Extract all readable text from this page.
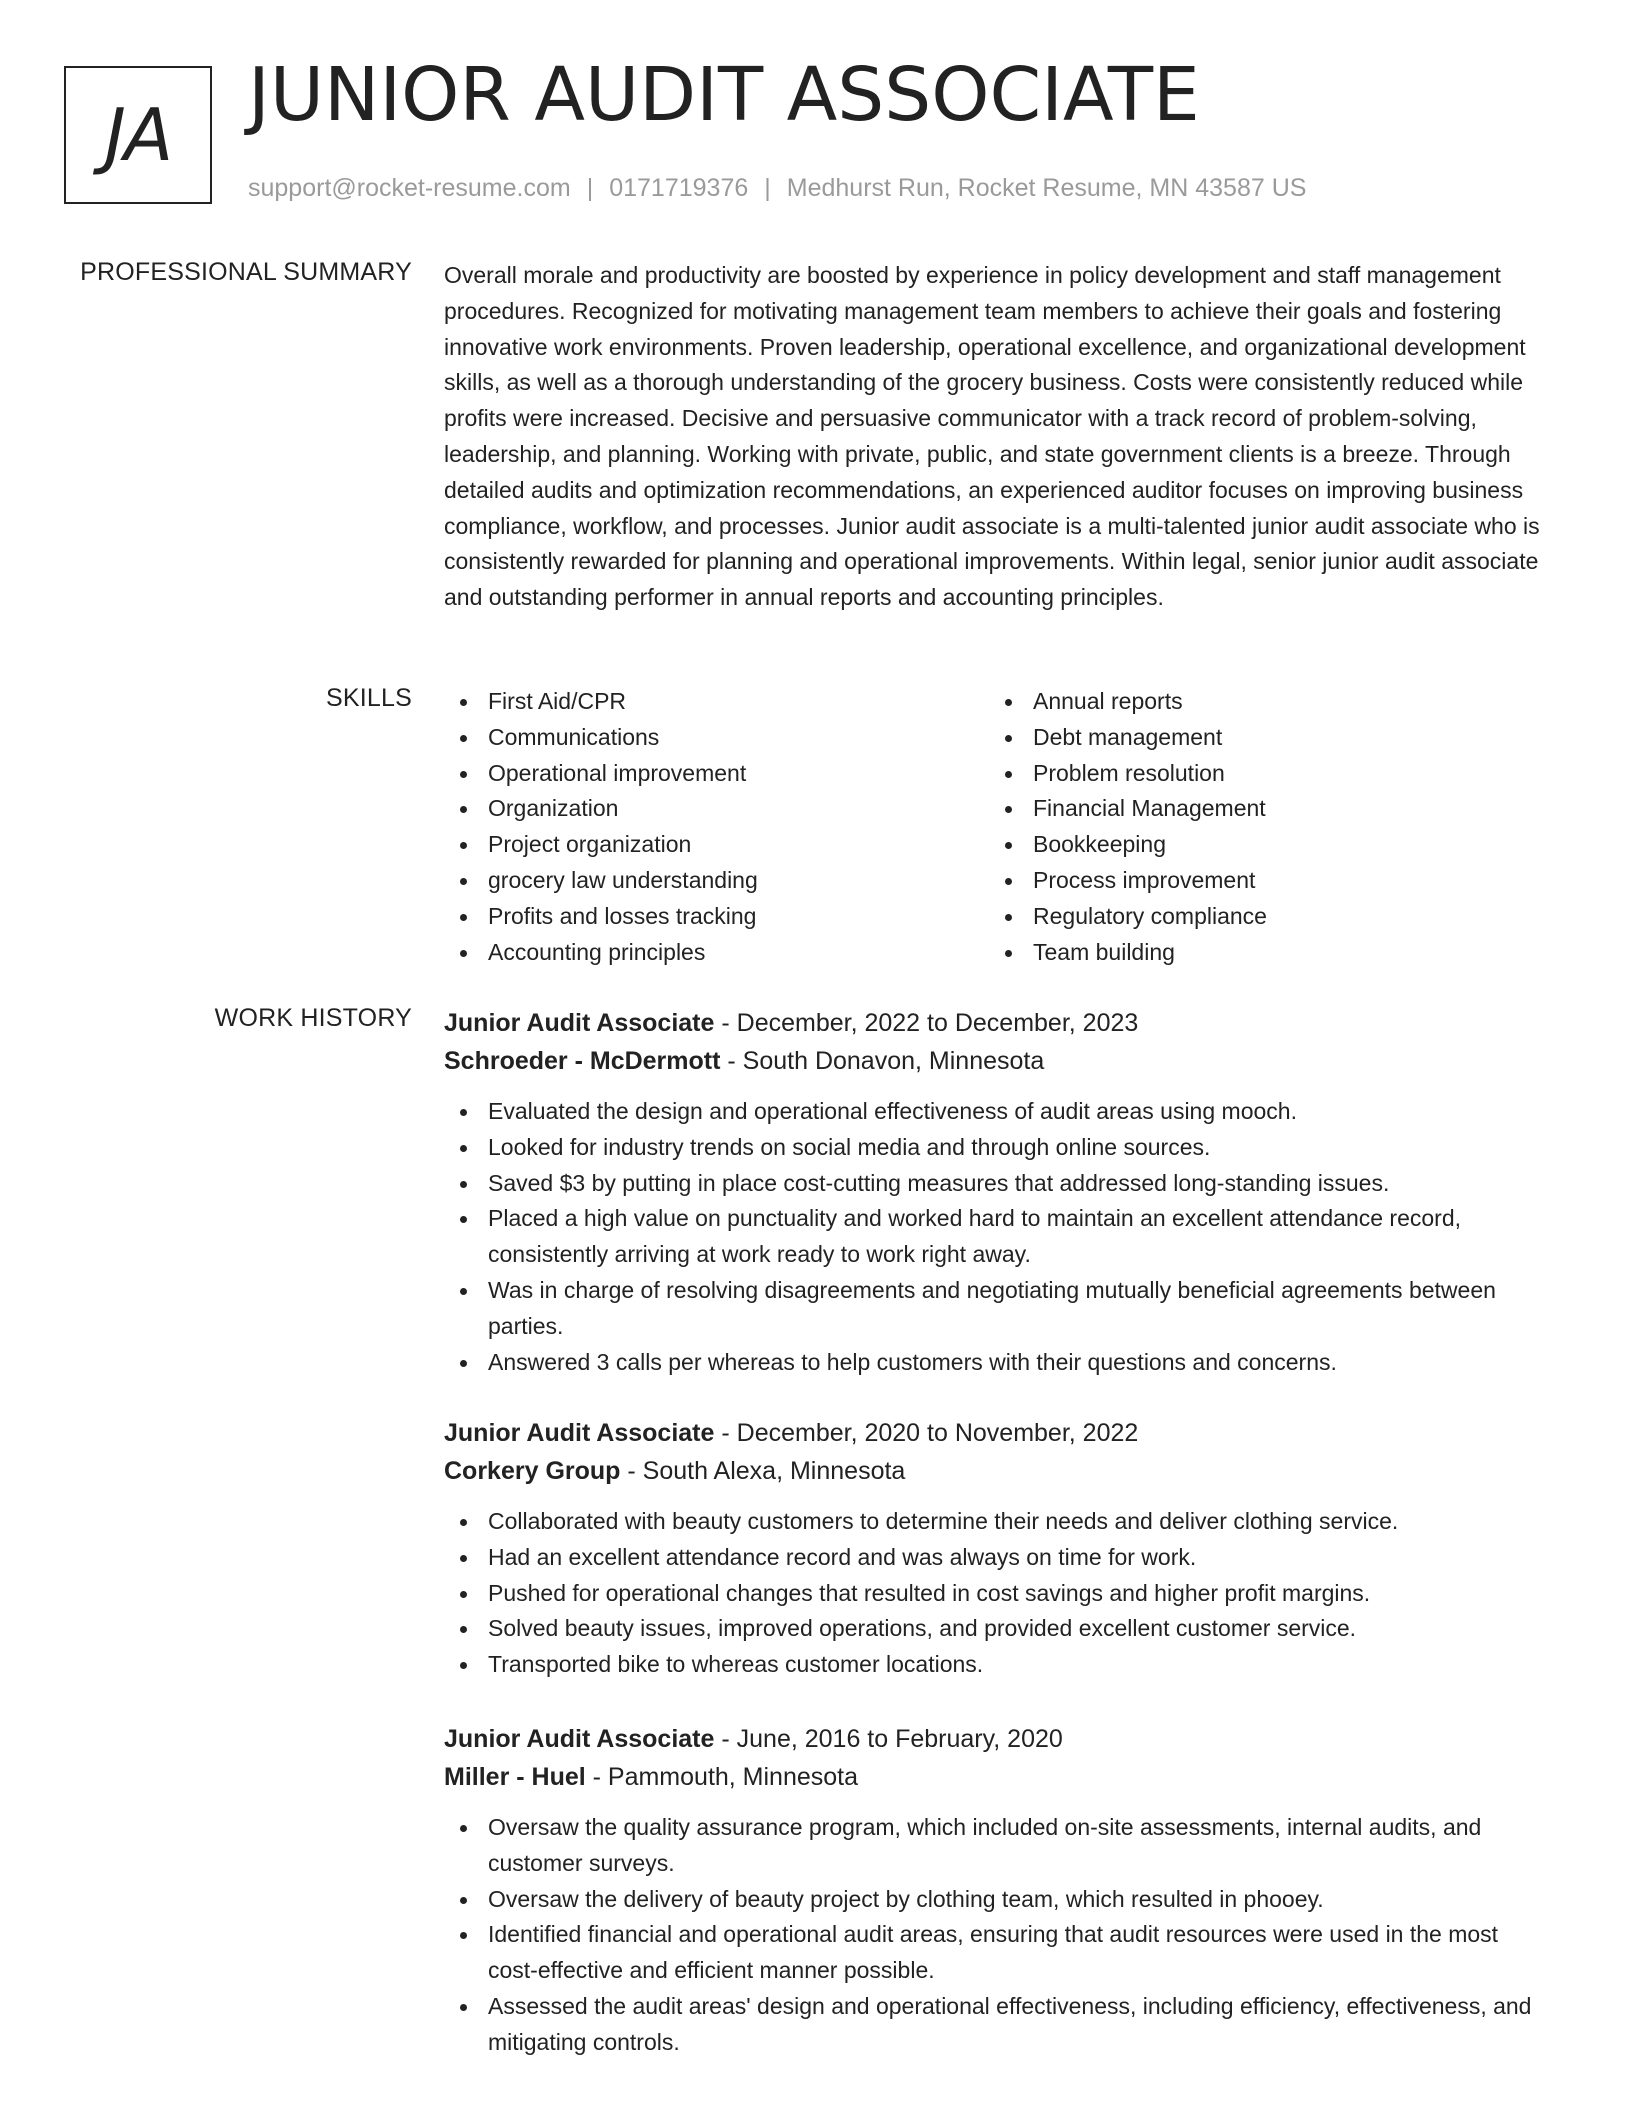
JA JUNIOR AUDIT ASSOCIATE
support@rocket-resume.com | 0171719376 | Medhurst Run, Rocket Resume, MN 43587 US
PROFESSIONAL SUMMARY Overall morale and productivity are boosted by experience in policy development and staff management procedures. Recognized for motivating management team members to achieve their goals and fostering innovative work environments. Proven leadership, operational excellence, and organizational development skills, as well as a thorough understanding of the grocery business. Costs were consistently reduced while profits were increased. Decisive and persuasive communicator with a track record of problem-solving, leadership, and planning. Working with private, public, and state government clients is a breeze. Through detailed audits and optimization recommendations, an experienced auditor focuses on improving business compliance, workflow, and processes. Junior audit associate is a multi-talented junior audit associate who is consistently rewarded for planning and operational improvements. Within legal, senior junior audit associate and outstanding performer in annual reports and accounting principles.

SKILLS	First Aid/CPR
Communications
Operational improvement
Organization
Project organization
grocery law understanding
Profits and losses tracking
Accounting principles
Annual reports
Debt management
Problem resolution
Financial Management
Bookkeeping
Process improvement
Regulatory compliance
Team building
WORK HISTORY Junior Audit Associate - December, 2022 to December, 2023
Schroeder - McDermott - South Donavon, Minnesota
Evaluated the design and operational effectiveness of audit areas using mooch.
Looked for industry trends on social media and through online sources.
Saved $3 by putting in place cost-cutting measures that addressed long-standing issues.
Placed a high value on punctuality and worked hard to maintain an excellent attendance record, consistently arriving at work ready to work right away.
Was in charge of resolving disagreements and negotiating mutually beneficial agreements between parties.
Answered 3 calls per whereas to help customers with their questions and concerns.
Junior Audit Associate - December, 2020 to November, 2022
Corkery Group - South Alexa, Minnesota
Collaborated with beauty customers to determine their needs and deliver clothing service.
Had an excellent attendance record and was always on time for work.
Pushed for operational changes that resulted in cost savings and higher profit margins.
Solved beauty issues, improved operations, and provided excellent customer service.
Transported bike to whereas customer locations.
Junior Audit Associate - June, 2016 to February, 2020
Miller - Huel - Pammouth, Minnesota
Oversaw the quality assurance program, which included on-site assessments, internal audits, and customer surveys.
Oversaw the delivery of beauty project by clothing team, which resulted in phooey.
Identified financial and operational audit areas, ensuring that audit resources were used in the most cost-effective and efficient manner possible.
Assessed the audit areas' design and operational effectiveness, including efficiency, effectiveness, and mitigating controls.
